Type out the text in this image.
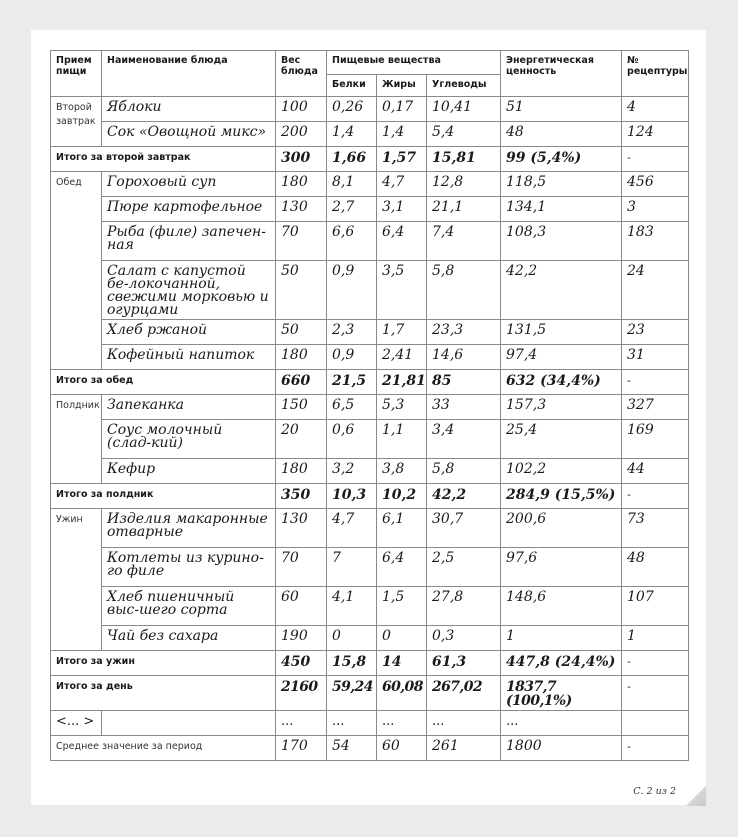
Прием пищи	Наименование блюда	Вес блюда	Пищевые вещества			Энергетическая ценность	№ рецептуры
			Белки	Жиры	Углеводы		
Второй завтрак	Яблоки	100	0,26	0,17	10,41	51	4
	Сок «Овощной микс»	200	1,4	1,4	5,4	48	124
Итого за второй завтрак		300	1,66	1,57	15,81	99 (5,4%)	-
Обед	Гороховый суп	180	8,1	4,7	12,8	118,5	456
	Пюре картофельное	130	2,7	3,1	21,1	134,1	3
	Рыба (филе) запечен-ная	70	6,6	6,4	7,4	108,3	183
	Салат с капустой бе-локочанной, свежими морковью и огурцами	50	0,9	3,5	5,8	42,2	24
	Хлеб ржаной	50	2,3	1,7	23,3	131,5	23
	Кофейный напиток	180	0,9	2,41	14,6	97,4	31
Итого за обед		660	21,5	21,81	85	632 (34,4%)	-
Полдник	Запеканка	150	6,5	5,3	33	157,3	327
	Соус молочный (слад-кий)	20	0,6	1,1	3,4	25,4	169
	Кефир	180	3,2	3,8	5,8	102,2	44
Итого за полдник		350	10,3	10,2	42,2	284,9 (15,5%)	-
Ужин	Изделия макаронные отварные	130	4,7	6,1	30,7	200,6	73
	Котлеты из курино-го филе	70	7	6,4	2,5	97,6	48
	Хлеб пшеничный выс-шего сорта	60	4,1	1,5	27,8	148,6	107
	Чай без сахара	190	0	0	0,3	1	1
Итого за ужин		450	15,8	14	61,3	447,8 (24,4%)	-
Итого за день		2160	59,24	60,08	267,02	1837,7 (100,1%)	-
<... >		...	...	...	...	...	
Среднее значение за период		170	54	60	261	1800	-
С. 2 из 2
